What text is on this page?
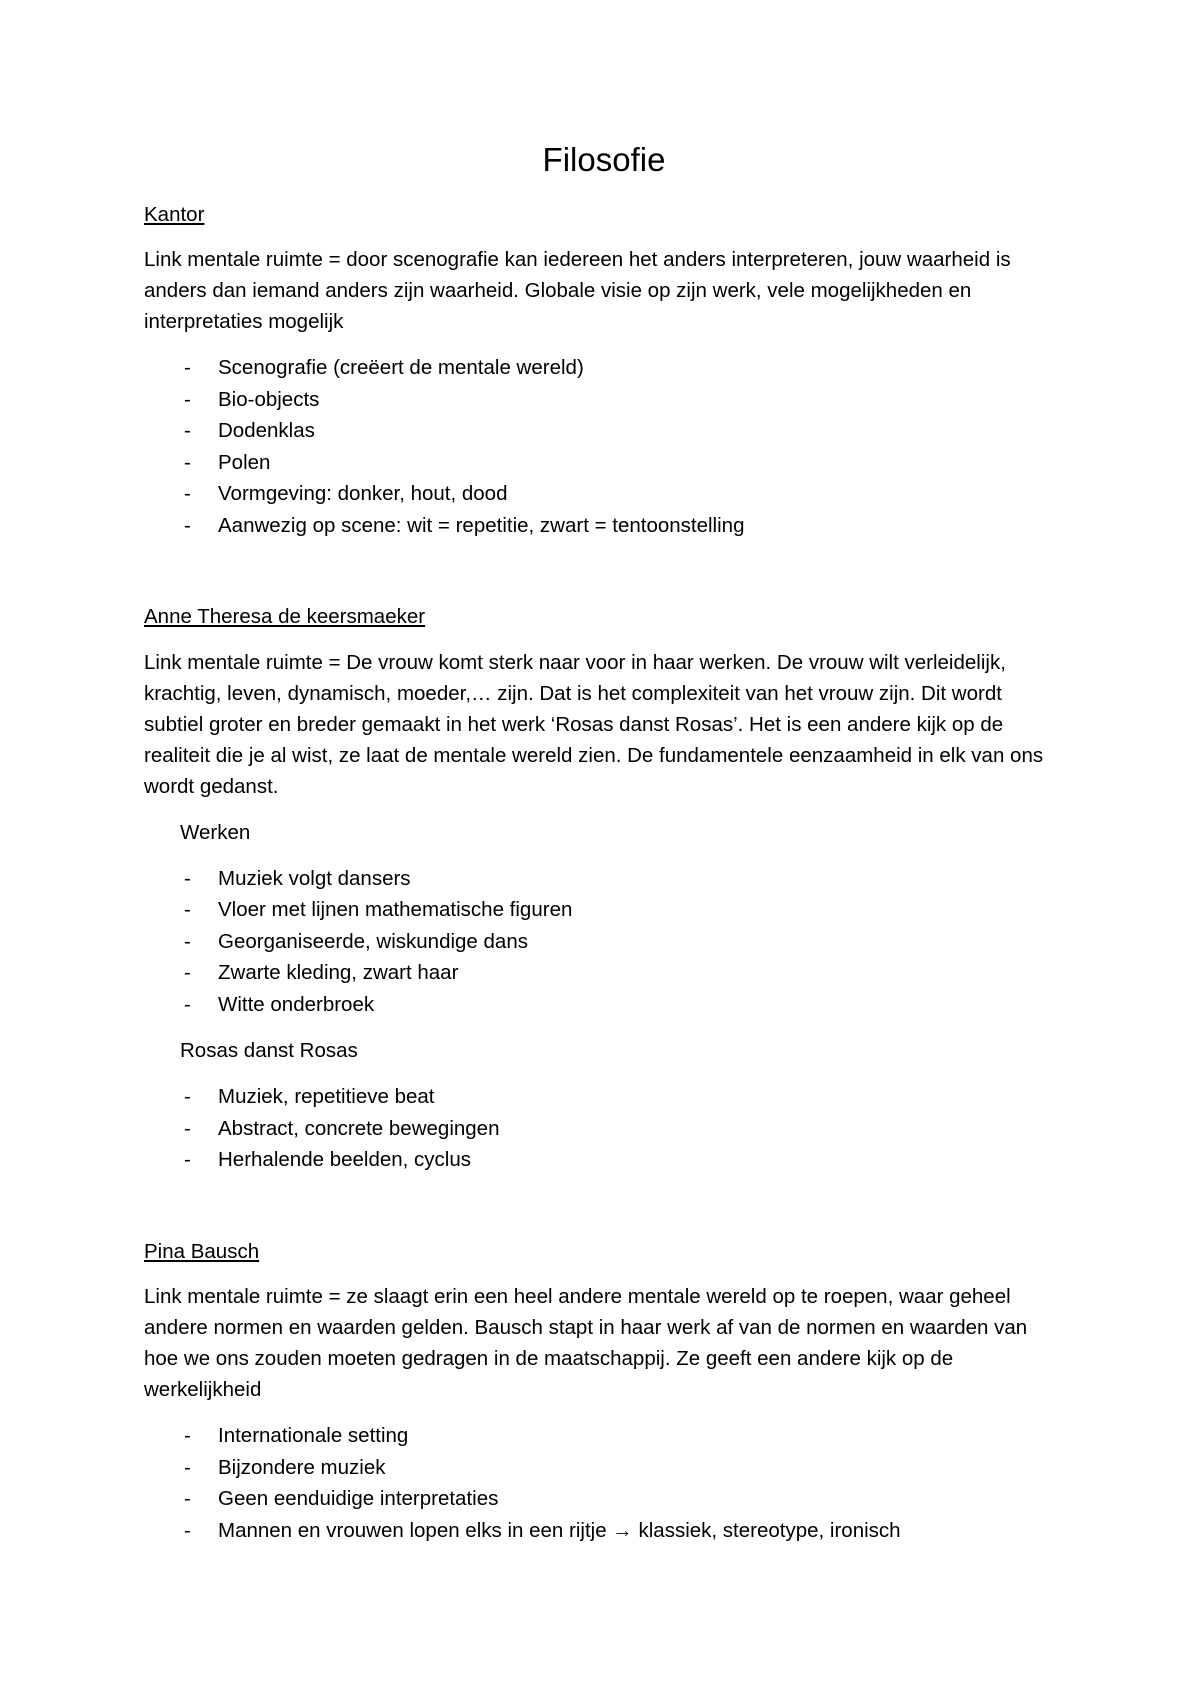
Filosofie
Kantor

Link mentale ruimte = door scenografie kan iedereen het anders interpreteren, jouw waarheid is anders dan iemand anders zijn waarheid. Globale visie op zijn werk, vele mogelijkheden en interpretaties mogelijk

- Scenografie (creëert de mentale wereld)
- Bio-objects
- Dodenklas
- Polen
- Vormgeving: donker, hout, dood
- Aanwezig op scene: wit = repetitie, zwart = tentoonstelling
Anne Theresa de keersmaeker

Link mentale ruimte = De vrouw komt sterk naar voor in haar werken. De vrouw wilt verleidelijk, krachtig, leven, dynamisch, moeder,… zijn. Dat is het complexiteit van het vrouw zijn. Dit wordt subtiel groter en breder gemaakt in het werk ‘Rosas danst Rosas’. Het is een andere kijk op de realiteit die je al wist, ze laat de mentale wereld zien. De fundamentele eenzaamheid in elk van ons wordt gedanst.

Werken
- Muziek volgt dansers
- Vloer met lijnen mathematische figuren
- Georganiseerde, wiskundige dans
- Zwarte kleding, zwart haar
- Witte onderbroek
Rosas danst Rosas
- Muziek, repetitieve beat
- Abstract, concrete bewegingen
- Herhalende beelden, cyclus
Pina Bausch

Link mentale ruimte = ze slaagt erin een heel andere mentale wereld op te roepen, waar geheel andere normen en waarden gelden. Bausch stapt in haar werk af van de normen en waarden van hoe we ons zouden moeten gedragen in de maatschappij. Ze geeft een andere kijk op de werkelijkheid

- Internationale setting
- Bijzondere muziek
- Geen eenduidige interpretaties
- Mannen en vrouwen lopen elks in een rijtje → klassiek, stereotype, ironisch
